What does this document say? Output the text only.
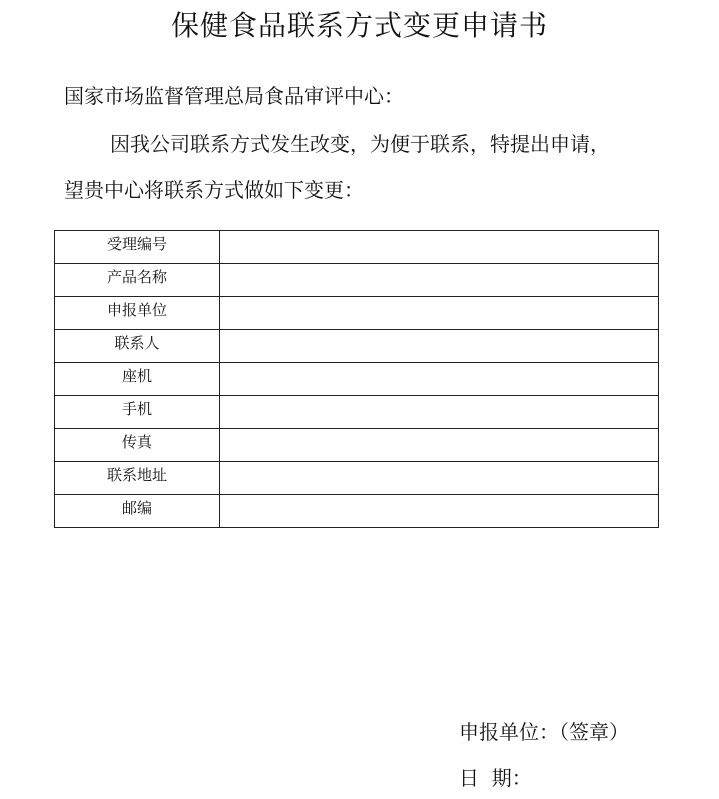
保健食品联系方式变更申请书
国家市场监督管理总局食品审评中心：
因我公司联系方式发生改变，为便于联系，特提出申请，
望贵中心将联系方式做如下变更：
受理编号	
产品名称	
申报单位	
联系人	
座机	
手机	
传真	
联系地址	
邮编	
申报单位：（签章）
日  期：
